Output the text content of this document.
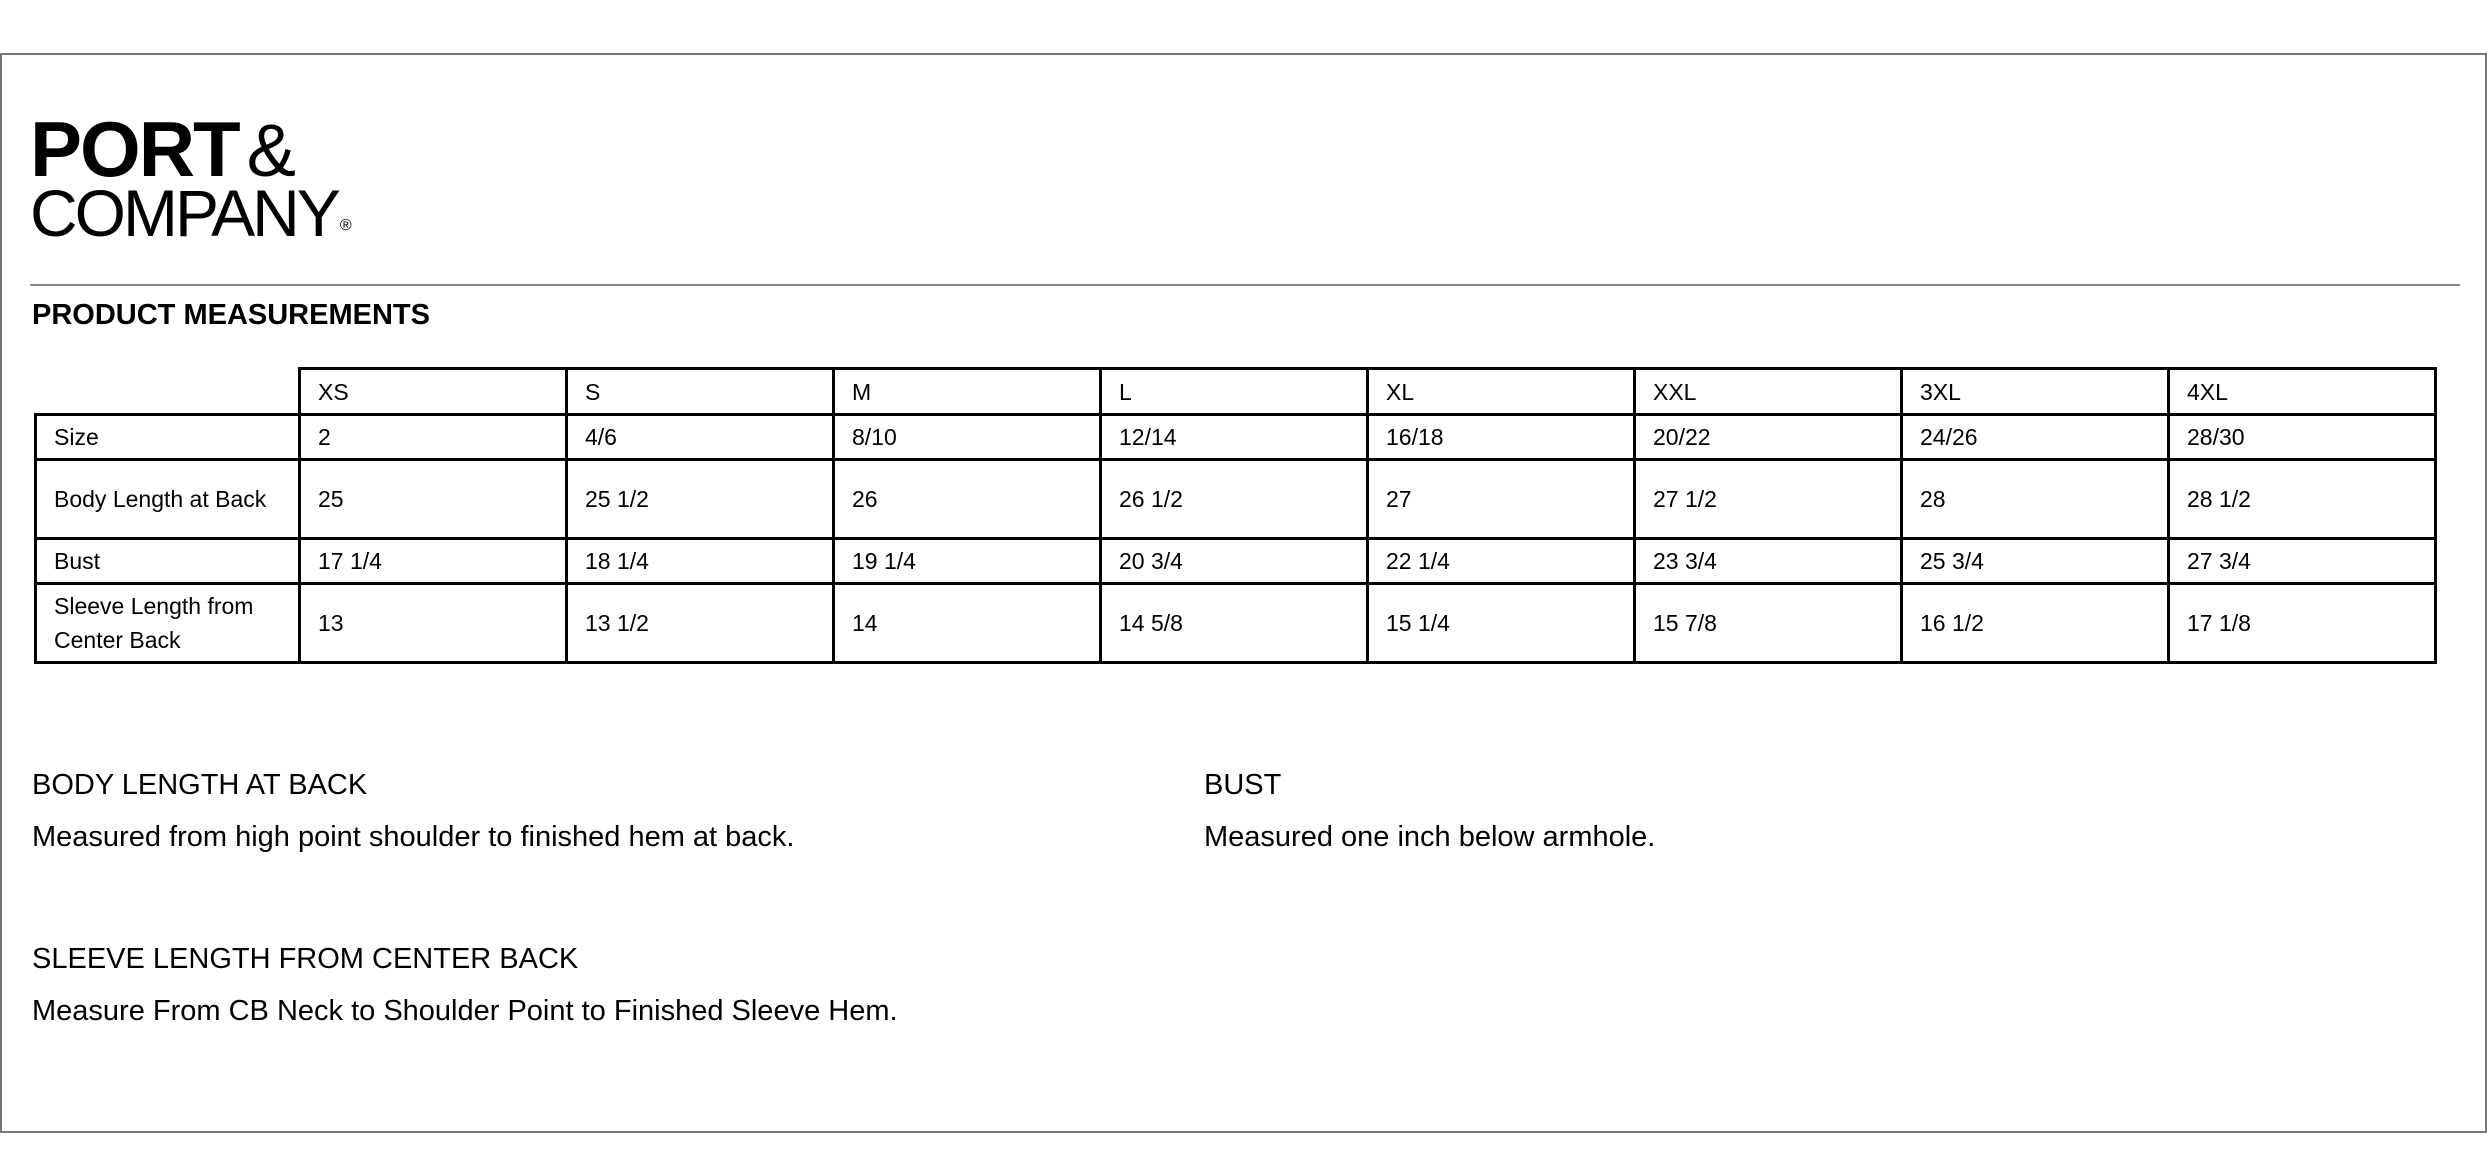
PORT &
COMPANY ®
PRODUCT MEASUREMENTS
	XS	S	M	L	XL	XXL	3XL	4XL
Size	2	4/6	8/10	12/14	16/18	20/22	24/26	28/30
Body Length at Back	25	25 1/2	26	26 1/2	27	27 1/2	28	28 1/2
Bust	17 1/4	18 1/4	19 1/4	20 3/4	22 1/4	23 3/4	25 3/4	27 3/4
Sleeve Length from Center Back	13	13 1/2	14	14 5/8	15 1/4	15 7/8	16 1/2	17 1/8
BODY LENGTH AT BACK
Measured from high point shoulder to finished hem at back.
BUST
Measured one inch below armhole.
SLEEVE LENGTH FROM CENTER BACK
Measure From CB Neck to Shoulder Point to Finished Sleeve Hem.
